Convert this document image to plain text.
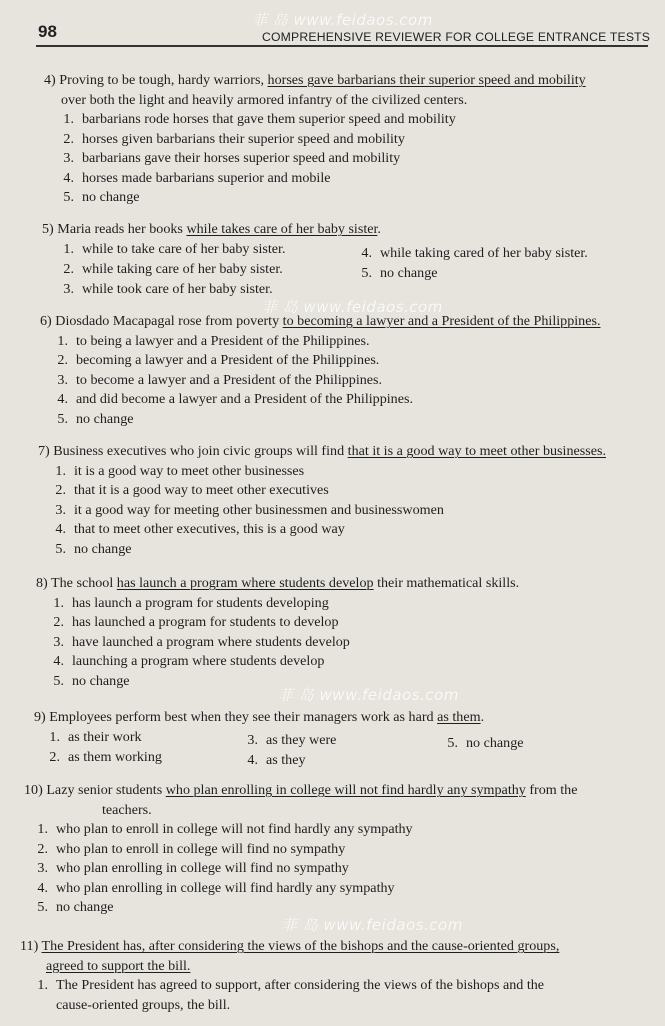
98	COMPREHENSIVE REVIEWER FOR COLLEGE ENTRANCE TESTS
菲 岛 www.feidaos.com
菲 岛 www.feidaos.com
菲 岛 www.feidaos.com
菲 岛 www.feidaos.com
4) Proving to be tough, hardy warriors, horses gave barbarians their superior speed and mobility
over both the light and heavily armored infantry of the civilized centers.
1. barbarians rode horses that gave them superior speed and mobility
2. horses given barbarians their superior speed and mobility
3. barbarians gave their horses superior speed and mobility
4. horses made barbarians superior and mobile
5. no change
5) Maria reads her books while takes care of her baby sister.
1. while to take care of her baby sister.
2. while taking care of her baby sister.
3. while took care of her baby sister.
4. while taking cared of her baby sister.
5. no change
6) Diosdado Macapagal rose from poverty to becoming a lawyer and a President of the Philippines.
1. to being a lawyer and a President of the Philippines.
2. becoming a lawyer and a President of the Philippines.
3. to become a lawyer and a President of the Philippines.
4. and did become a lawyer and a President of the Philippines.
5. no change
7) Business executives who join civic groups will find that it is a good way to meet other businesses.
1. it is a good way to meet other businesses
2. that it is a good way to meet other executives
3. it a good way for meeting other businessmen and businesswomen
4. that to meet other executives, this is a good way
5. no change
8) The school has launch a program where students develop their mathematical skills.
1. has launch a program for students developing
2. has launched a program for students to develop
3. have launched a program where students develop
4. launching a program where students develop
5. no change
9) Employees perform best when they see their managers work as hard as them.
1. as their work
2. as them working
3. as they were
4. as they
5. no change
10) Lazy senior students who plan enrolling in college will not find hardly any sympathy from the
teachers.
1. who plan to enroll in college will not find hardly any sympathy
2. who plan to enroll in college will find no sympathy
3. who plan enrolling in college will find no sympathy
4. who plan enrolling in college will find hardly any sympathy
5. no change
11) The President has, after considering the views of the bishops and the cause-oriented groups,
agreed to support the bill.
1. The President has agreed to support, after considering the views of the bishops and the
cause-oriented groups, the bill.
